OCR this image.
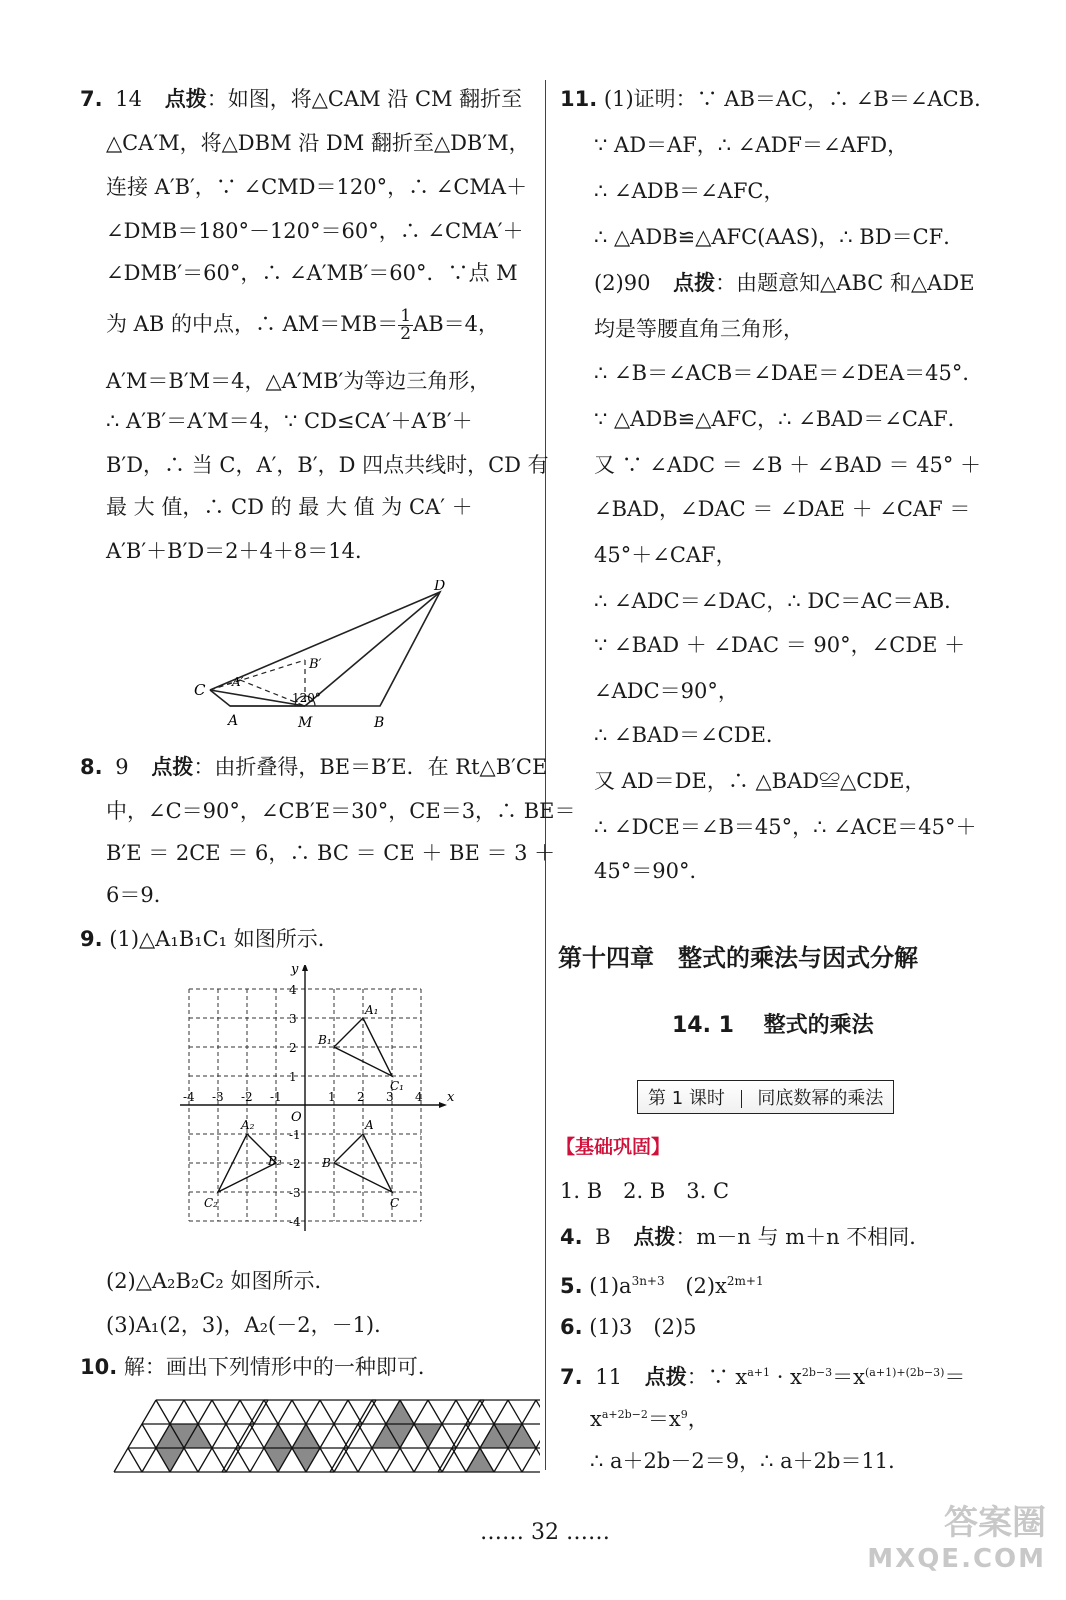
7. 14 点拨：如图，将△CAM 沿 CM 翻折至
△CA′M，将△DBM 沿 DM 翻折至△DB′M，
连接 A′B′，∵ ∠CMD＝120°，∴ ∠CMA＋
∠DMB＝180°－120°＝60°，∴ ∠CMA′＋
∠DMB′＝60°，∴ ∠A′MB′＝60°．∵点 M
为 AB 的中点，∴ $AM=MB= \frac{1}{2}AB=4$，
A′M＝B′M＝4，△A′MB′为等边三角形，
∴ A′B′＝A′M＝4，∵ CD≤CA′＋A′B′＋
B′D，∴ 当 C，A′，B′，D 四点共线时，CD 有
最 大 值，∴ CD 的 最 大 值 为 CA′ ＋
A′B′＋B′D＝2＋4＋8＝14．
C A′
B′
120°
A	M	B
D
8. 9 点拨：由折叠得，BE＝B′E．在 Rt△B′CE
中，∠C＝90°，∠CB′E＝30°，CE＝3，∴ BE＝
B′E ＝ 2CE ＝ 6，∴ BC ＝ CE ＋ BE ＝ 3 ＋
6＝9．
9. (1)△A₁B₁C₁ 如图所示．
x
y
O
-4 -3 -2 -1	1 2 3 4
4
3
2
1
-1
-2
-3
-4
A₁
B₁
C₁
A
B
C
A₂
B₂
C₂
(2)△A₂B₂C₂ 如图所示．
(3)A₁(2，3)，A₂(－2，－1)．
10. 解：画出下列情形中的一种即可．
11. (1)证明：∵ AB＝AC，∴ ∠B＝∠ACB．
∵ AD＝AF，∴ ∠ADF＝∠AFD，
∴ ∠ADB＝∠AFC，
∴ △ADB≌△AFC(AAS)，∴ BD＝CF．
(2)90 点拨：由题意知△ABC 和△ADE
均是等腰直角三角形，
∴ ∠B＝∠ACB＝∠DAE＝∠DEA＝45°．
∵ △ADB≌△AFC，∴ ∠BAD＝∠CAF．
又 ∵ ∠ADC ＝ ∠B ＋ ∠BAD ＝ 45° ＋
∠BAD，∠DAC ＝ ∠DAE ＋ ∠CAF ＝
45°＋∠CAF，
∴ ∠ADC＝∠DAC，∴ DC＝AC＝AB．
∵ ∠BAD ＋ ∠DAC ＝ 90°，∠CDE ＋
∠ADC＝90°，
∴ ∠BAD＝∠CDE．
又 AD＝DE，∴ △BAD≌△CDE，
∴ ∠DCE＝∠B＝45°，∴ ∠ACE＝45°＋
45°＝90°．
第十四章　整式的乘法与因式分解
14. 1　 整式的乘法
第 1 课时 同底数幂的乘法
【基础巩固】
1. B　2. B　3. C
4. B 点拨：m－n 与 m＋n 不相同．
5. $(1)a^{3n+3}$ $(2)x^{2m+1}$
6. (1)3　(2)5
7. 11 点拨：∵ $x^{a+1} \cdot x^{2b-3}=x^{(a+1)+(2b-3)}=$
$x^{a+2b-2}=x^9$，
∴ a＋2b－2＝9，∴ a＋2b＝11．
…… 32 ……	答案圈
MXQE.COM
